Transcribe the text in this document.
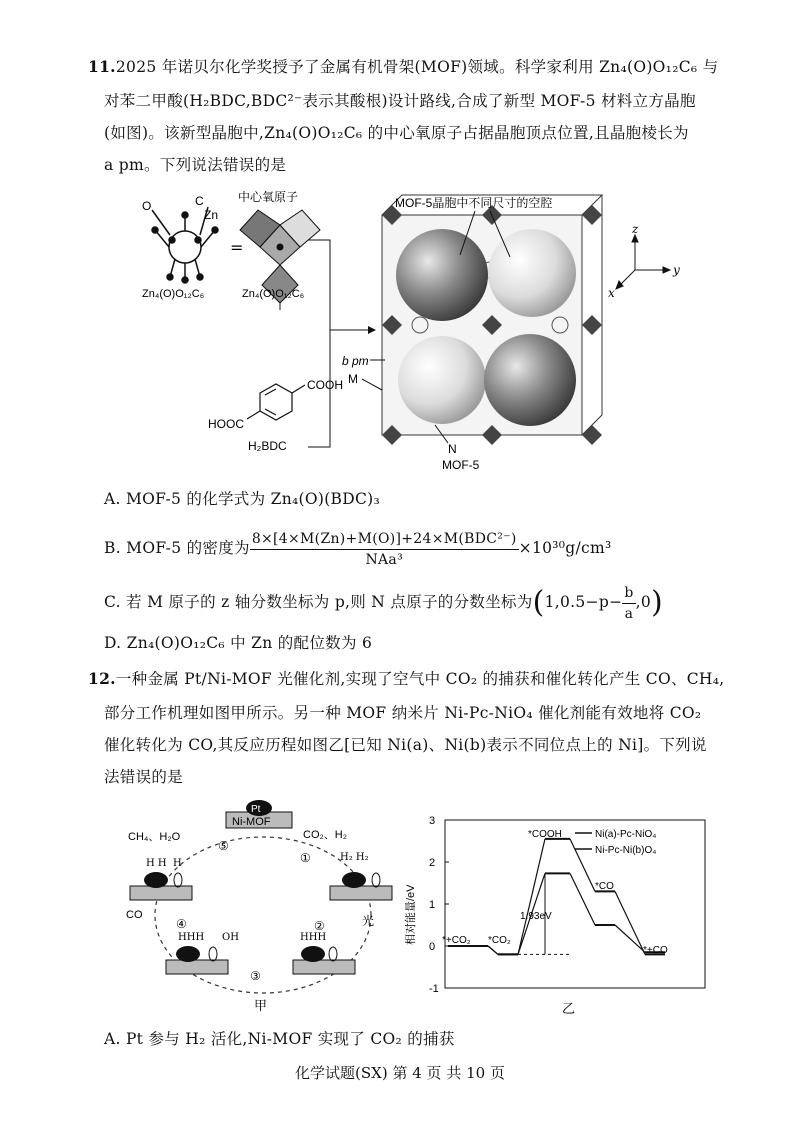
11.2025 年诺贝尔化学奖授予了金属有机骨架(MOF)领域。科学家利用 Zn₄(O)O₁₂C₆ 与
对苯二甲酸(H₂BDC,BDC²⁻表示其酸根)设计路线,合成了新型 MOF-5 材料立方晶胞
(如图)。该新型晶胞中,Zn₄(O)O₁₂C₆ 的中心氧原子占据晶胞顶点位置,且晶胞棱长为
a pm。下列说法错误的是
=
O	C
Zn
中心氧原子
Zn₄(O)O₁₂C₆	Zn₄(O)O₁₂C₆
COOH
HOOC
H₂BDC
MOF-5晶胞中不同尺寸的空腔
b pm
M
N
MOF-5
z
y
x
A. MOF-5 的化学式为 Zn₄(O)(BDC)₃
B. MOF-5 的密度为 $\frac{\text{8×[4×M(Zn)+M(O)]+24×M(BDC²⁻)}}{\text{NAa³}} \times 10^{30}g/cm^3$
C. 若 M 原子的 z 轴分数坐标为 p,则 N 点原子的分数坐标为$(1,0.5-p- \frac{b}{a} ,0)$
D. Zn₄(O)O₁₂C₆ 中 Zn 的配位数为 6
12.一种金属 Pt/Ni-MOF 光催化剂,实现了空气中 CO₂ 的捕获和催化转化产生 CO、CH₄,
部分工作机理如图甲所示。另一种 MOF 纳米片 Ni-Pc-NiO₄ 催化剂能有效地将 CO₂
催化转化为 CO,其反应历程如图乙[已知 Ni(a)、Ni(b)表示不同位点上的 Ni]。下列说
法错误的是
Pt
Ni-MOF
CH₄、H₂O	CO₂、H₂
H H H
H₂ H₂
HHH OH	HHH
CO	光
⑤
①
②
③
④
甲
相对能量/eV
3
2
1
0
-1
Ni(a)-Pc-NiO₄
Ni-Pc-Ni(b)O₄
*+CO₂ *CO₂
*COOH
*CO
*+CO
1.93eV
乙
A. Pt 参与 H₂ 活化,Ni-MOF 实现了 CO₂ 的捕获
化学试题(SX) 第 4 页 共 10 页
